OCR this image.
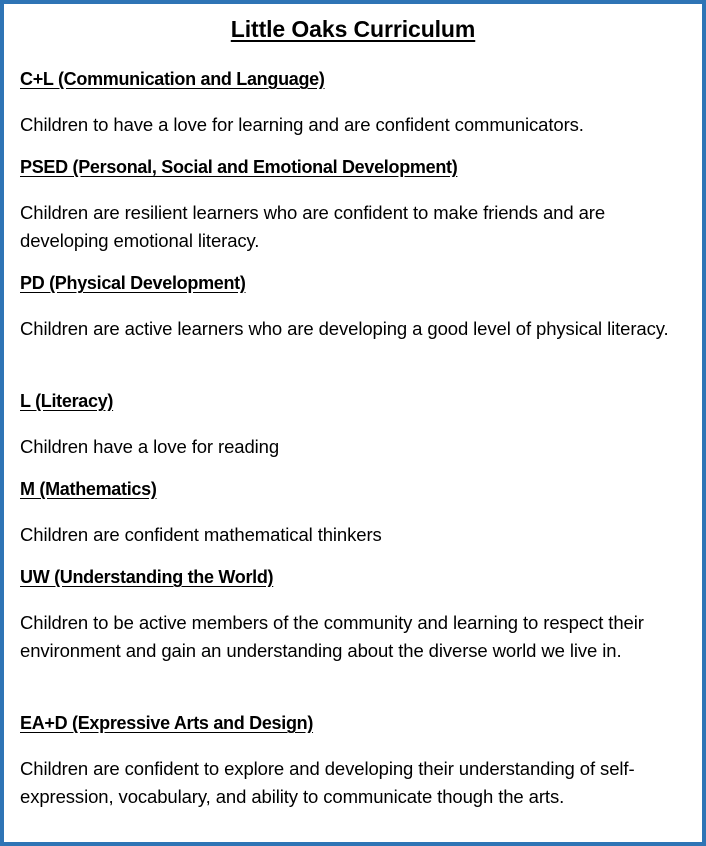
Little Oaks Curriculum
C+L (Communication and Language)
Children to have a love for learning and are confident communicators.
PSED (Personal, Social and Emotional Development)
Children are resilient learners who are confident to make friends and are developing emotional literacy.
PD (Physical Development)
Children are active learners who are developing a good level of physical literacy.
L (Literacy)
Children have a love for reading
M (Mathematics)
Children are confident mathematical thinkers
UW (Understanding the World)
Children to be active members of the community and learning to respect their environment and gain an understanding about the diverse world we live in.
EA+D (Expressive Arts and Design)
Children are confident to explore and developing their understanding of self-expression, vocabulary, and ability to communicate though the arts.
